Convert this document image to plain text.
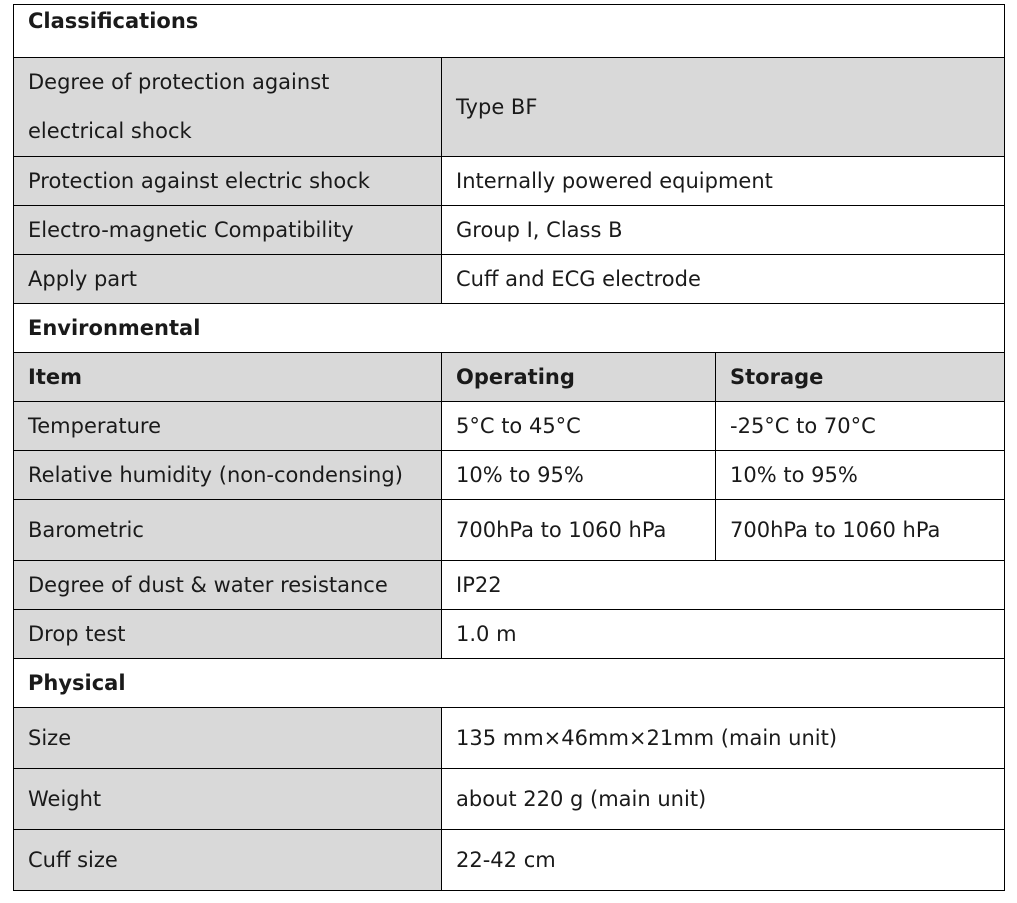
Classifications		
Degree of protection against electrical shock	Type BF	
Protection against electric shock	Internally powered equipment	
Electro-magnetic Compatibility	Group I, Class B	
Apply part	Cuff and ECG electrode	
Environmental		
Item	Operating	Storage
Temperature	5°C to 45°C	-25°C to 70°C
Relative humidity (non-condensing)	10% to 95%	10% to 95%
Barometric	700hPa to 1060 hPa	700hPa to 1060 hPa
Degree of dust & water resistance	IP22	
Drop test	1.0 m	
Physical		
Size	135 mm×46mm×21mm (main unit)	
Weight	about 220 g (main unit)	
Cuff size	22-42 cm	
